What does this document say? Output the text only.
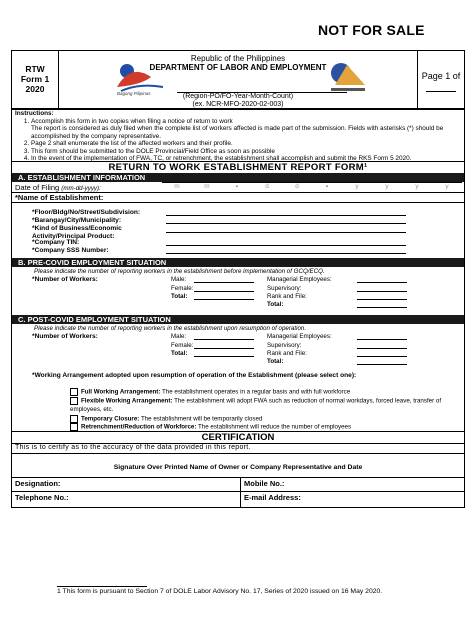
NOT FOR SALE
RTW
Form 1
2020	Bagong Pilipinas
Republic of the Philippines
DEPARTMENT OF LABOR AND EMPLOYMENT
(Region-PO/FO-Year-Month-Count)
(ex. NCR-MFO-2020-02-003)
Page 1 of
Instructions:
1. Accomplish this form in two copies when filing a notice of return to work
The report is considered as duly filed when the complete list of workers affected is made part of the submission. Fields with asterisks (*) should be accomplished by the company representative.
2. Page 2 shall enumerate the list of the affected workers and their profile.
3. This form should be submitted to the DOLE Provincial/Field Office as soon as possible
4. In the event of the implementation of FWA, TC, or retrenchment, the establishment shall accomplish and submit the RKS Form 5 2020.
RETURN TO WORK ESTABLISHMENT REPORT FORM¹
A. ESTABLISHMENT INFORMATION
Date of Filing (mm-dd-yyyy):	m	m	-	d	d	-	y	y	y	y
*Name of Establishment:
*Floor/Bldg/No/Street/Subdivision:
*Barangay/City/Municipality:
*Kind of Business/Economic Activity/Principal Product:
*Company TIN:
*Company SSS Number:
B. PRE-COVID EMPLOYMENT SITUATION
Please indicate the number of reporting workers in the establishment before implementation of GCQ/ECQ.
*Number of Workers:	Male:
Female:
Total:
Managerial Employees:
Supervisory:
Rank and File:
Total:
C. POST-COVID EMPLOYMENT SITUATION
Please indicate the number of reporting workers in the establishment upon resumption of operation.
*Number of Workers:	Male:
Female:
Total:
Managerial Employees:
Supervisory:
Rank and File:
Total:
*Working Arrangement adopted upon resumption of operation of the Establishment (please select one):
Full Working Arrangement: The establishment operates in a regular basis and with full workforce
Flexible Working Arrangement: The establishment will adopt FWA such as reduction of normal workdays, forced leave, transfer of employees, etc.
Temporary Closure: The establishment will be temporarily closed
Retrenchment/Reduction of Workforce: The establishment will reduce the number of employees
CERTIFICATION
This is to certify as to the accuracy of the data provided in this report.
Signature Over Printed Name of Owner or Company Representative and Date
Designation:	Mobile No.:
Telephone No.:	E-mail Address:
1 This form is pursuant to Section 7 of DOLE Labor Advisory No. 17, Series of 2020 issued on 16 May 2020.
